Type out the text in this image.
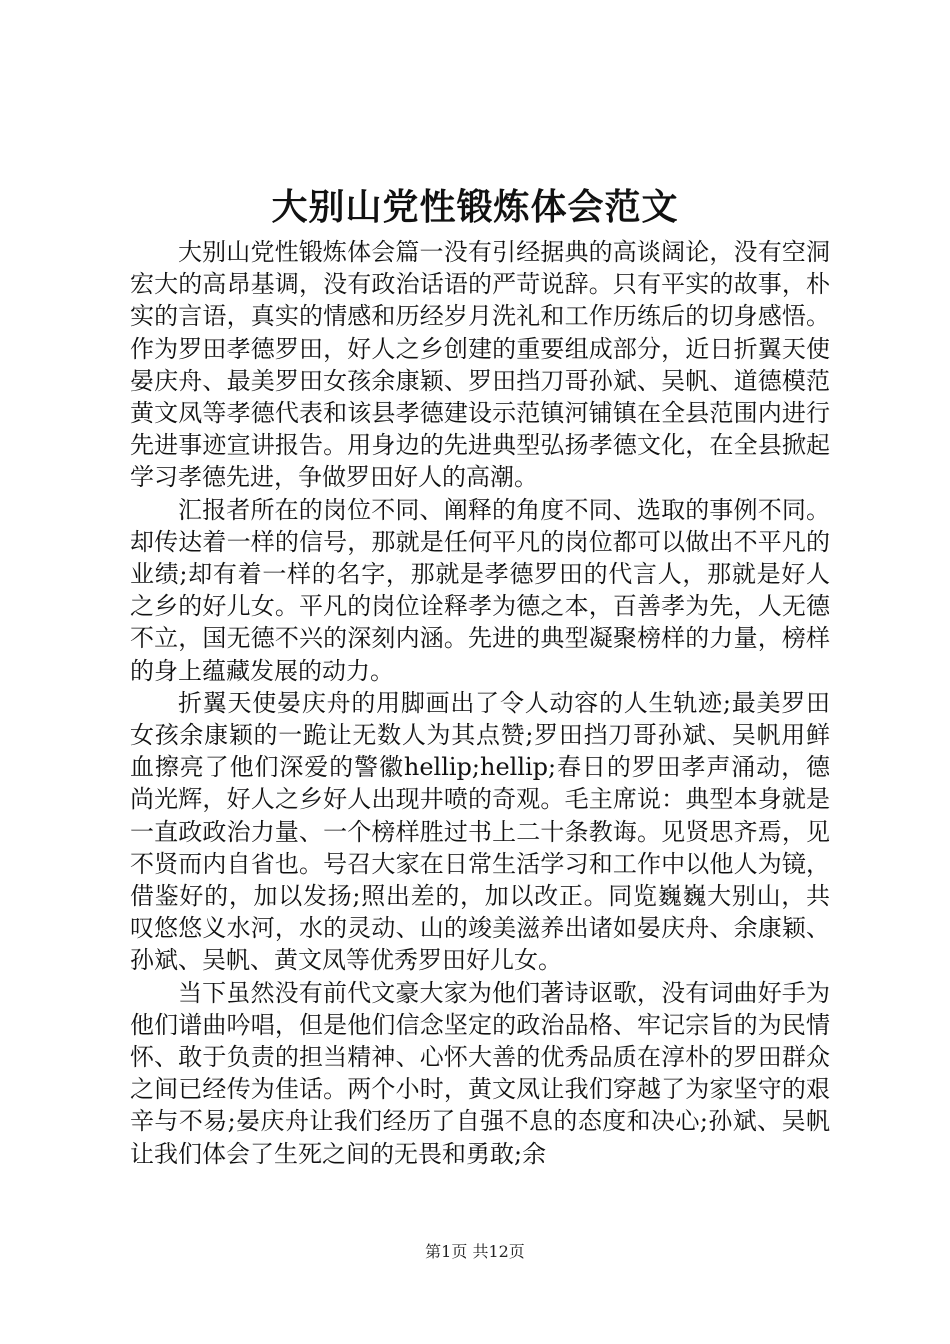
大别山党性锻炼体会范文

大别山党性锻炼体会篇一没有引经据典的高谈阔论，没有空洞宏大的高昂基调，没有政治话语的严苛说辞。只有平实的故事，朴实的言语，真实的情感和历经岁月洗礼和工作历练后的切身感悟。作为罗田孝德罗田，好人之乡创建的重要组成部分，近日折翼天使晏庆舟、最美罗田女孩余康颖、罗田挡刀哥孙斌、吴帆、道德模范黄文凤等孝德代表和该县孝德建设示范镇河铺镇在全县范围内进行先进事迹宣讲报告。用身边的先进典型弘扬孝德文化，在全县掀起学习孝德先进，争做罗田好人的高潮。

汇报者所在的岗位不同、阐释的角度不同、选取的事例不同。却传达着一样的信号，那就是任何平凡的岗位都可以做出不平凡的业绩;却有着一样的名字，那就是孝德罗田的代言人，那就是好人之乡的好儿女。平凡的岗位诠释孝为德之本，百善孝为先，人无德不立，国无德不兴的深刻内涵。先进的典型凝聚榜样的力量，榜样的身上蕴藏发展的动力。

折翼天使晏庆舟的用脚画出了令人动容的人生轨迹;最美罗田女孩余康颖的一跪让无数人为其点赞;罗田挡刀哥孙斌、吴帆用鲜血擦亮了他们深爱的警徽hellip;hellip;春日的罗田孝声涌动，德尚光辉，好人之乡好人出现井喷的奇观。毛主席说：典型本身就是一直政政治力量、一个榜样胜过书上二十条教诲。见贤思齐焉，见不贤而内自省也。号召大家在日常生活学习和工作中以他人为镜，借鉴好的，加以发扬;照出差的，加以改正。同览巍巍大别山，共叹悠悠义水河，水的灵动、山的竣美滋养出诸如晏庆舟、余康颖、孙斌、吴帆、黄文凤等优秀罗田好儿女。

当下虽然没有前代文豪大家为他们著诗讴歌，没有词曲好手为他们谱曲吟唱，但是他们信念坚定的政治品格、牢记宗旨的为民情怀、敢于负责的担当精神、心怀大善的优秀品质在淳朴的罗田群众之间已经传为佳话。两个小时，黄文凤让我们穿越了为家坚守的艰辛与不易;晏庆舟让我们经历了自强不息的态度和决心;孙斌、吴帆让我们体会了生死之间的无畏和勇敢;余

第1页 共12页
